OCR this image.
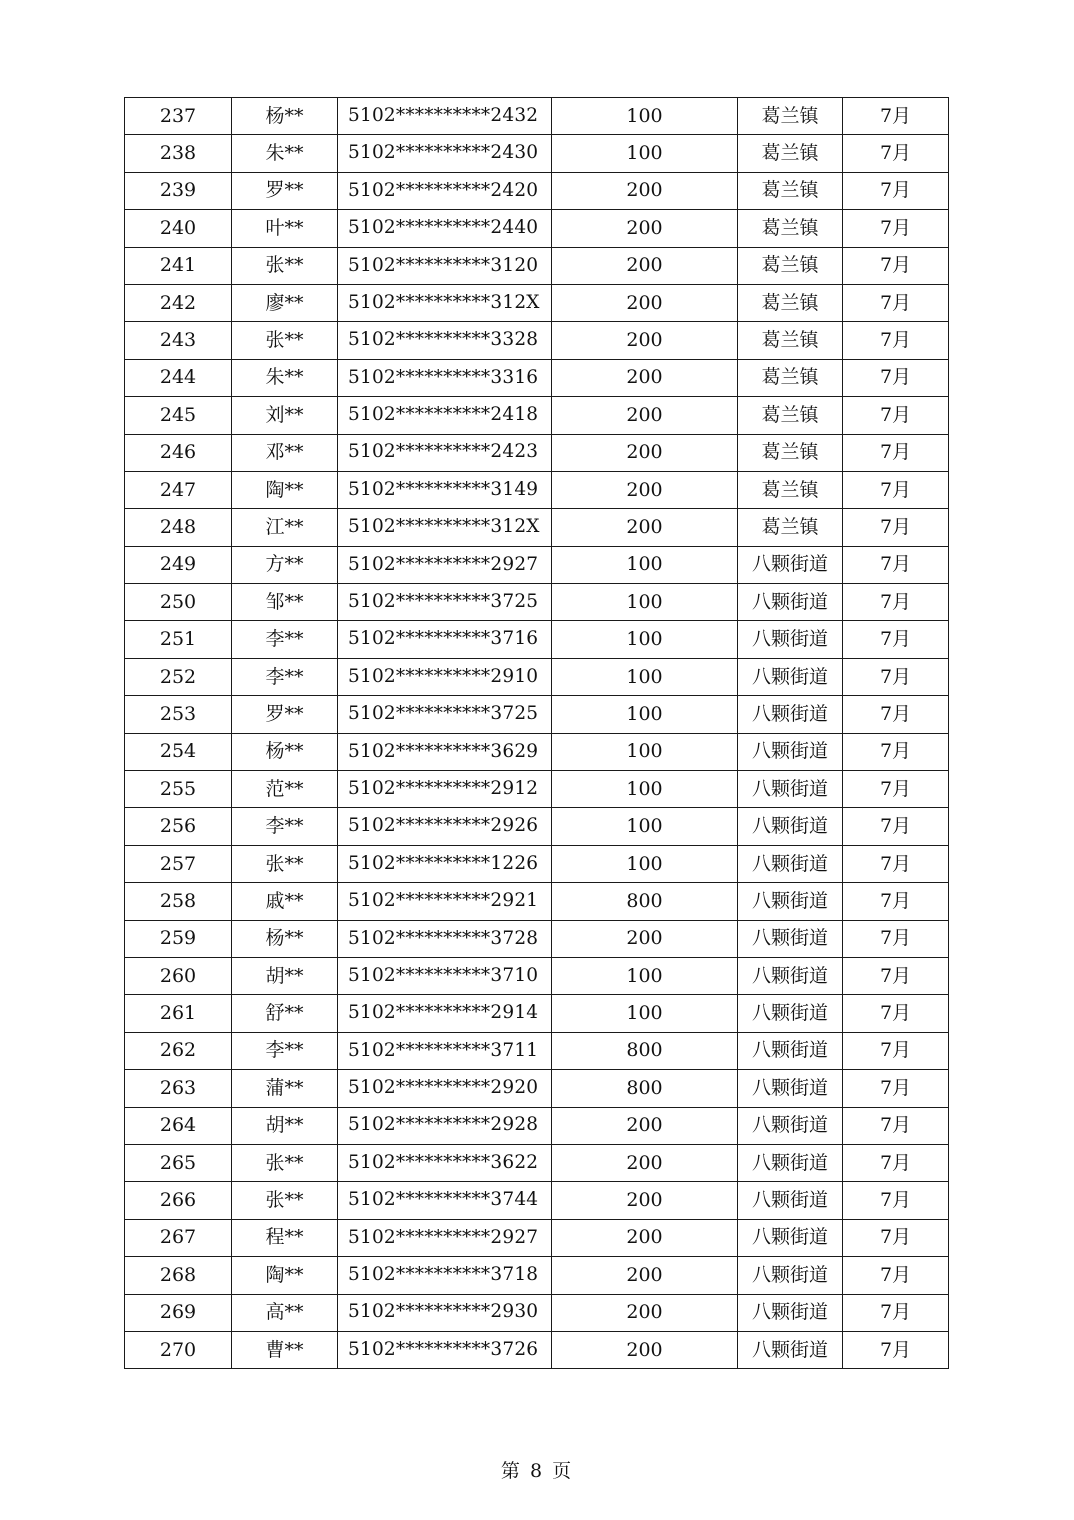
237	杨**	5102**********2432	100	葛兰镇	7月
238	朱**	5102**********2430	100	葛兰镇	7月
239	罗**	5102**********2420	200	葛兰镇	7月
240	叶**	5102**********2440	200	葛兰镇	7月
241	张**	5102**********3120	200	葛兰镇	7月
242	廖**	5102**********312X	200	葛兰镇	7月
243	张**	5102**********3328	200	葛兰镇	7月
244	朱**	5102**********3316	200	葛兰镇	7月
245	刘**	5102**********2418	200	葛兰镇	7月
246	邓**	5102**********2423	200	葛兰镇	7月
247	陶**	5102**********3149	200	葛兰镇	7月
248	江**	5102**********312X	200	葛兰镇	7月
249	方**	5102**********2927	100	八颗街道	7月
250	邹**	5102**********3725	100	八颗街道	7月
251	李**	5102**********3716	100	八颗街道	7月
252	李**	5102**********2910	100	八颗街道	7月
253	罗**	5102**********3725	100	八颗街道	7月
254	杨**	5102**********3629	100	八颗街道	7月
255	范**	5102**********2912	100	八颗街道	7月
256	李**	5102**********2926	100	八颗街道	7月
257	张**	5102**********1226	100	八颗街道	7月
258	戚**	5102**********2921	800	八颗街道	7月
259	杨**	5102**********3728	200	八颗街道	7月
260	胡**	5102**********3710	100	八颗街道	7月
261	舒**	5102**********2914	100	八颗街道	7月
262	李**	5102**********3711	800	八颗街道	7月
263	蒲**	5102**********2920	800	八颗街道	7月
264	胡**	5102**********2928	200	八颗街道	7月
265	张**	5102**********3622	200	八颗街道	7月
266	张**	5102**********3744	200	八颗街道	7月
267	程**	5102**********2927	200	八颗街道	7月
268	陶**	5102**********3718	200	八颗街道	7月
269	高**	5102**********2930	200	八颗街道	7月
270	曹**	5102**********3726	200	八颗街道	7月
第 8 页
